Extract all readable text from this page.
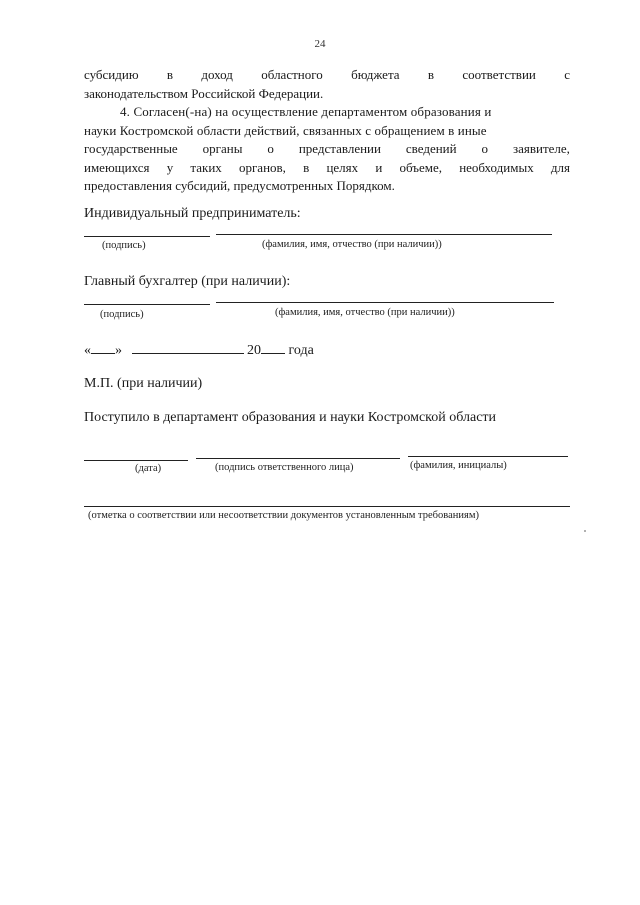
24
субсидию в доход областного бюджета в соответствии с
законодательством Российской Федерации.
4. Согласен(-на) на осуществление департаментом образования и
науки Костромской области действий, связанных с обращением в иные
государственные органы о представлении сведений о заявителе,
имеющихся у таких органов, в целях и объеме, необходимых для
предоставления субсидий, предусмотренных Порядком.
Индивидуальный предприниматель:
(подпись)	(фамилия, имя, отчество (при наличии))
Главный бухгалтер (при наличии):
(подпись)	(фамилия, имя, отчество (при наличии))
« »	20 года
М.П. (при наличии)
Поступило в департамент образования и науки Костромской области
(дата)	(подпись ответственного лица)	(фамилия, инициалы)
(отметка о соответствии или несоответствии документов установленным требованиям)
